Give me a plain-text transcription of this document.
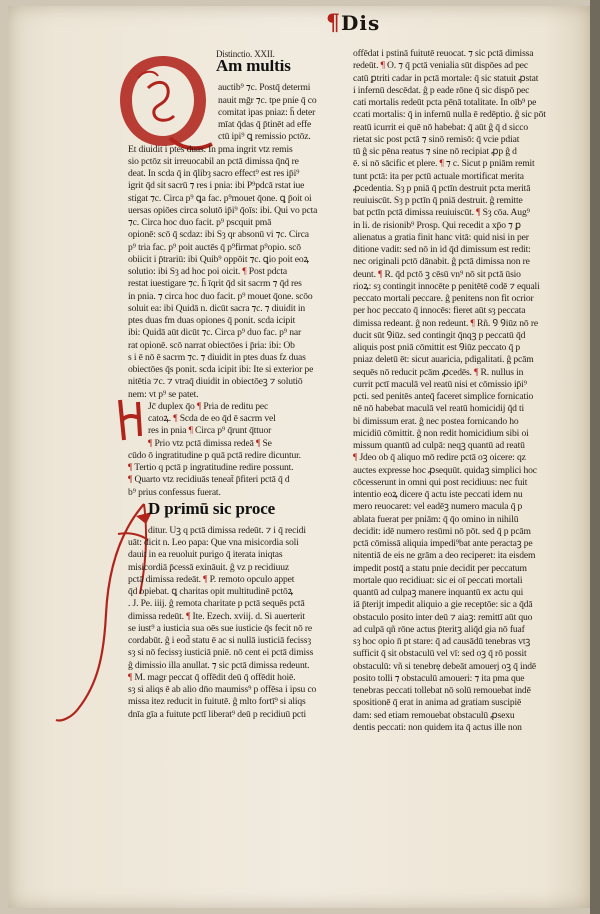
¶Dis

Distinctio. XXII.

Am multis

auctib⁹ ⁊c. Postq̄ determi

nauit mḡr ⁊c. tpe pnie q̄ co

comitat ipas pniaz: h̄ deter

mīat q̄das q̄ p̄tinēt ad effe

ctū ipi⁹ ꝗ remissio pctōz.

Et diuidit i ptes duas. In pma ingrit vtz remis

sio pctōz sit irreuocabil an pctā dimissa q̄nq̄ re

deat. In scda q̄ in q̄libȝ sacro effect⁹ est res ip̄i⁹

igrit q̄d sit sacrū ⁊ res i pnia: ibi P⁹pdcā rstat iue

stigat ⁊c. Circa p⁹ ꝗa fac. p⁹mouet q̄one. ꝗ p̄oit oi

uersas opiōes circa solutō ip̄i⁹ q̄oīs: ibi. Qui vo pcta

⁊c. Circa hoc duo facit. p⁹ pscquit pmā

opionē: scō q̄ scdaz: ibi Sȝ qr absonū vi ⁊c. Circa

p⁹ tria fac. p⁹ poit auctēs q̄ p⁹firmat p⁹opio. scō

obiicit i p̄trariū: ibi Quib⁹ oppōit ⁊c. ꝗio poit eoꝝ

solutio: ibi Sȝ ad hoc poi oicit. ¶ Post pdcta

restat iuestigare ⁊c. h̄ īqrit q̄d sit sacrm ⁊ q̄d res

in pnia. ⁊ circa hoc duo facit. p⁹ mouet q̄one. scōo

soluit ea: ibi Quidā n. dicūt sacra ⁊c. ⁊ diuidit in

ptes duas fm duas opiones q̄ ponit. scda icipit

ibi: Quidā aūt dicūt ⁊c. Circa p⁹ duo fac. p⁹ nar

rat opionē. scō narrat obiectōes i p̄ria: ibi: Ob

s i ē nō ē sacrm ⁊c. ⁊ diuidit in ptes duas fz duas

obiectōes q̄s ponit. scda icipit ibi: Ite si exterior pe

nitētia ⁊c. ⁊ vtraq̄ diuidit in obiectōeꝫ ⁊ solutiō

nem: vt p⁹ se patet.

Jc̄ duplex q̄o ¶ Pria de reditu pec

catoꝝ. ¶ Scda de eo q̄d ē sacrm vel

res in pnia ¶ Circa p⁹ q̄runt q̄ttuor

¶ Prio vtz pctā dimissa redeā ¶ Se

cūdo ō ingratitudine p quā pctā redire dicuntur.

¶ Tertio q pctā p ingratitudine redire possunt.

¶ Quarto vtz recidiuās teneat̄ p̄fiteri pctā q̄ d

b⁹ prius confessus fuerat.

D primū sic proce

ditur. Uꝫ q pctā dimissa redeūt. ⁊ i q̄ recidi

uāt: dicit n. Leo papa: Que vna misicordia soli

dauit in ea reuoluit purigo q̄ iterata iniqtas

misicordiā p̄cessā exināuit. ĝ vz p recidiuuz

pctā dimissa redeāt. ¶ P. remoto opculo appet

q̄d opiebat. ꝗ charitas opit multitudinē pctōꝝ

. J. Pe. iiij. ĝ remota charitate p pctā sequēs pctā

dimissa redeūt. ¶ Ite. Ezech. xviij. d. Si auerterit

se iust⁹ a iusticia sua oēs sue iusticie q̄s fecit nō re

cordabūt. ĝ i eod̄ statu ē ac si nullā iusticiā fecissȝ

sȝ si nō fecissȝ iusticiā pniē. nō cent ei pctā dimiss

ĝ dimissio illa anullat. ⁊ sic pctā dimissa redeunt.

¶ M. magr peccat q̄ offēdit deū q̄ offēdit hoiē.

sȝ si aliqs ē ab alio dn̄o maumiss⁹ p offēsa i ipsu co

missa itez reducit in fuitutē. ĝ mlto fortī⁹ si aliqs

dnīa gīa a fuitute pctī liberat⁹ deū p recidiuū pcti

offēdat i pstinā fuitutē reuocat. ⁊ sic pctā dimissa

redeūt. ¶ O. ⁊ q̄ pctā venialia sūt dispōes ad pec

catū ꝑtriti cadar in pctā mortale: q̄ sic statuit ꝓstat

i infernū descēdat. ĝ p eade rōne q̄ sic dispō pec

cati mortalis redeūt pcta pēnā totalitate. In oīb⁹ pe

ccati mortalis: q̄ in infernū nulla ē redēptio. ĝ sic pōt

reatū icurrit ei quē nō habebat: q̄ aūt ĝ q̄ d sicco

rietat sic post pctā ⁊ sinō remisō: q̄ vcie pdiat

tū ĝ sic pēna reatus ⁊ sine nō recipiat ꝓp ĝ d

ē. si nō sācific et plere. ¶ ⁊ c. Sicut p pniām remit

tunt pctā: ita per pctū actuale mortificat merita

ꝓcedentia. Sȝ p pniā q̄ pctīn destruit pcta meritā

reuiuiscūt. Sȝ p pctīn q̄ pniā destruit. ĝ remitte

bat pctīn pctā dimissa reuiuiscūt. ¶ Sȝ cōa. Aug⁹

in li. de risionib⁹ Prosp. Qui recedit a xp̄o ⁊ ꝑ

alienatus a gratia finit hanc vitā: quid nisi in per

ditione vadit: sed nō in id q̄d dimissum est redit:

nec originali pctō dānabit. ĝ pctā dimissa non re

deunt. ¶ R. q̄d pctō ꝫ cēsū vn⁹ nō sit pctā ūsio

rioꝝ: sȝ contingit innocēte p penitētē codē ⁊ equali

peccato mortali peccare. ĝ penitens non fit ocrior

per hoc peccato q̄ innocēs: fieret aūt sȝ peccata

dimissa redeant. ĝ non redeunt. ¶ Rñ. Ꝯ Ꝯiūz nō re

ducit sūt Ꝯiūz. sed contingit q̄nqꝫ p peccatū q̄d

aliquis post pniā cōmittit est Ꝯiūz peccato q̄ p

pniaz deletū ēt: sicut auaricia, pdigalitati. ĝ pcām

sequēs nō reducit pcām ꝓcedēs. ¶ R. nullus in

currit pctī maculā vel reatū nisi et cōmissio ip̄i⁹

pcti. sed penitēs anteq̄ faceret simplice fornicatio

nē nō habebat maculā vel reatū homicidij q̄d ti

bi dimissum erat. ĝ nec postea fornicando ho

micidiū cōmittit. ĝ non redit homicidium sibi oi

missum quantū ad culpā: neqꝫ quantū ad reatū

¶ Jdeo ob q̄ aliquo mō redire pctā oꝫ oicere: qz

auctes expresse hoc ꝓsequūt. quidaꝫ simplici hoc

cōcesserunt in omni qui post recidiuus: nec fuit

intentio eoꝝ dicere q̄ actu iste peccati idem nu

mero reuocaret: vel eadēꝫ numero macula q̄ p

ablata fuerat per pniām: q̄ q̄o omino in nihilū

decidit: idē numero resūmi nō pōt. sed q̄ p pcām

pctā cōmissā aliquia impedi⁹bat ante peractaꝫ pe

nitentiā de eis ne grām a deo reciperet: ita eisdem

impedit postq̄ a statu pnie decidit per peccatum

mortale quo recidiuat: sic ei oī peccati mortali

quantū ad culpaꝫ manere inquantū ex actu qui

iā p̄terijt impedit aliquio a gie receptōe: sic a q̄dā

obstaculo posito inter deū ⁊ aiaꝫ: remittī aūt quo

ad culpā qñ rōne actus p̄teritꝫ aliq̄d gia nō fuaf

sȝ hoc opio n̄ pt stare: q̄ ad causādū tenebras vtꝫ

sufficit q̄ sit obstaculū vel vī: sed oꝫ q̄ rō possit

obstaculū: vñ si tenebrę debeāt amouerj oꝫ q̄ indē

posito tolli ⁊ obstaculū amoueri: ⁊ ita pma que

tenebras peccati tollebat nō solū remouebat indē

spositionē q̄ erat in anima ad gratiam suscipiē

dam: sed etiam remouebat obstaculū ꝓsexu

dentis peccati: non quidem ita q̄ actus ille non
